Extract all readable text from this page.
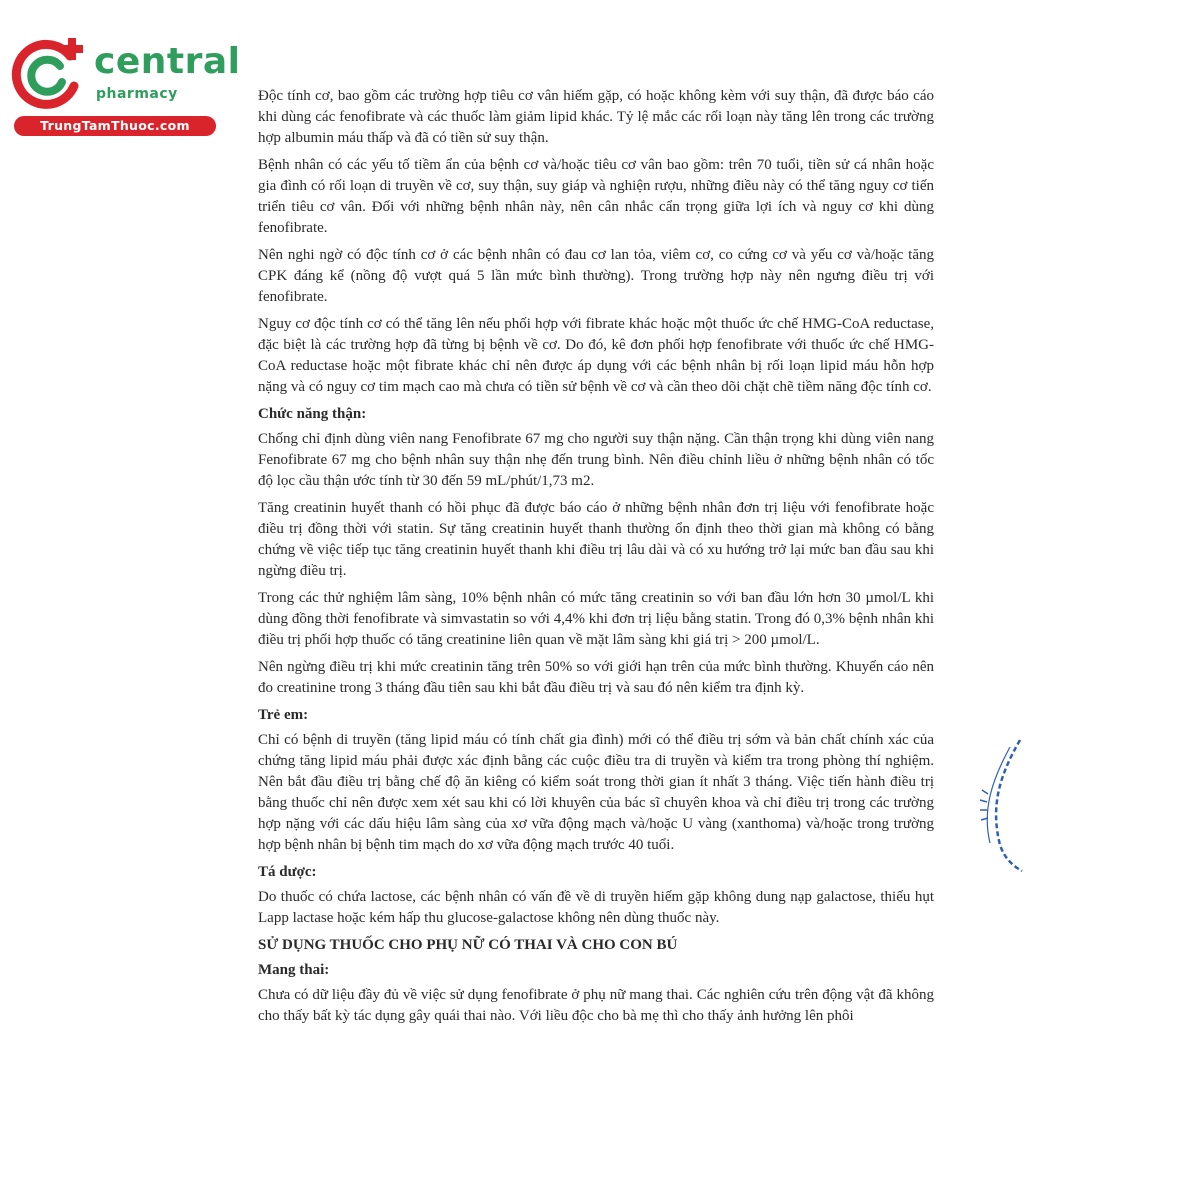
central
pharmacy
TrungTamThuoc.com

Độc tính cơ, bao gồm các trường hợp tiêu cơ vân hiếm gặp, có hoặc không kèm với suy thận, đã được báo cáo khi dùng các fenofibrate và các thuốc làm giảm lipid khác. Tỷ lệ mắc các rối loạn này tăng lên trong các trường hợp albumin máu thấp và đã có tiền sử suy thận.

Bệnh nhân có các yếu tố tiềm ẩn của bệnh cơ và/hoặc tiêu cơ vân bao gồm: trên 70 tuổi, tiền sử cá nhân hoặc gia đình có rối loạn di truyền về cơ, suy thận, suy giáp và nghiện rượu, những điều này có thể tăng nguy cơ tiến triển tiêu cơ vân. Đối với những bệnh nhân này, nên cân nhắc cẩn trọng giữa lợi ích và nguy cơ khi dùng fenofibrate.

Nên nghi ngờ có độc tính cơ ở các bệnh nhân có đau cơ lan tỏa, viêm cơ, co cứng cơ và yếu cơ và/hoặc tăng CPK đáng kể (nồng độ vượt quá 5 lần mức bình thường). Trong trường hợp này nên ngưng điều trị với fenofibrate.

Nguy cơ độc tính cơ có thể tăng lên nếu phối hợp với fibrate khác hoặc một thuốc ức chế HMG-CoA reductase, đặc biệt là các trường hợp đã từng bị bệnh về cơ. Do đó, kê đơn phối hợp fenofibrate với thuốc ức chế HMG-CoA reductase hoặc một fibrate khác chỉ nên được áp dụng với các bệnh nhân bị rối loạn lipid máu hỗn hợp nặng và có nguy cơ tim mạch cao mà chưa có tiền sử bệnh về cơ và cần theo dõi chặt chẽ tiềm năng độc tính cơ.

Chức năng thận:

Chống chỉ định dùng viên nang Fenofibrate 67 mg cho người suy thận nặng. Cần thận trọng khi dùng viên nang Fenofibrate 67 mg cho bệnh nhân suy thận nhẹ đến trung bình. Nên điều chỉnh liều ở những bệnh nhân có tốc độ lọc cầu thận ước tính từ 30 đến 59 mL/phút/1,73 m2.

Tăng creatinin huyết thanh có hồi phục đã được báo cáo ở những bệnh nhân đơn trị liệu với fenofibrate hoặc điều trị đồng thời với statin. Sự tăng creatinin huyết thanh thường ổn định theo thời gian mà không có bằng chứng về việc tiếp tục tăng creatinin huyết thanh khi điều trị lâu dài và có xu hướng trở lại mức ban đầu sau khi ngừng điều trị.

Trong các thử nghiệm lâm sàng, 10% bệnh nhân có mức tăng creatinin so với ban đầu lớn hơn 30 µmol/L khi dùng đồng thời fenofibrate và simvastatin so với 4,4% khi đơn trị liệu bằng statin. Trong đó 0,3% bệnh nhân khi điều trị phối hợp thuốc có tăng creatinine liên quan về mặt lâm sàng khi giá trị > 200 µmol/L.

Nên ngừng điều trị khi mức creatinin tăng trên 50% so với giới hạn trên của mức bình thường. Khuyến cáo nên đo creatinine trong 3 tháng đầu tiên sau khi bắt đầu điều trị và sau đó nên kiểm tra định kỳ.

Trẻ em:

Chỉ có bệnh di truyền (tăng lipid máu có tính chất gia đình) mới có thể điều trị sớm và bản chất chính xác của chứng tăng lipid máu phải được xác định bằng các cuộc điều tra di truyền và kiểm tra trong phòng thí nghiệm. Nên bắt đầu điều trị bằng chế độ ăn kiêng có kiểm soát trong thời gian ít nhất 3 tháng. Việc tiến hành điều trị bằng thuốc chỉ nên được xem xét sau khi có lời khuyên của bác sĩ chuyên khoa và chỉ điều trị trong các trường hợp nặng với các dấu hiệu lâm sàng của xơ vữa động mạch và/hoặc U vàng (xanthoma) và/hoặc trong trường hợp bệnh nhân bị bệnh tim mạch do xơ vữa động mạch trước 40 tuổi.

Tá dược:

Do thuốc có chứa lactose, các bệnh nhân có vấn đề về di truyền hiếm gặp không dung nạp galactose, thiếu hụt Lapp lactase hoặc kém hấp thu glucose-galactose không nên dùng thuốc này.

SỬ DỤNG THUỐC CHO PHỤ NỮ CÓ THAI VÀ CHO CON BÚ
Mang thai:

Chưa có dữ liệu đầy đủ về việc sử dụng fenofibrate ở phụ nữ mang thai. Các nghiên cứu trên động vật đã không cho thấy bất kỳ tác dụng gây quái thai nào. Với liều độc cho bà mẹ thì cho thấy ảnh hưởng lên phôi
